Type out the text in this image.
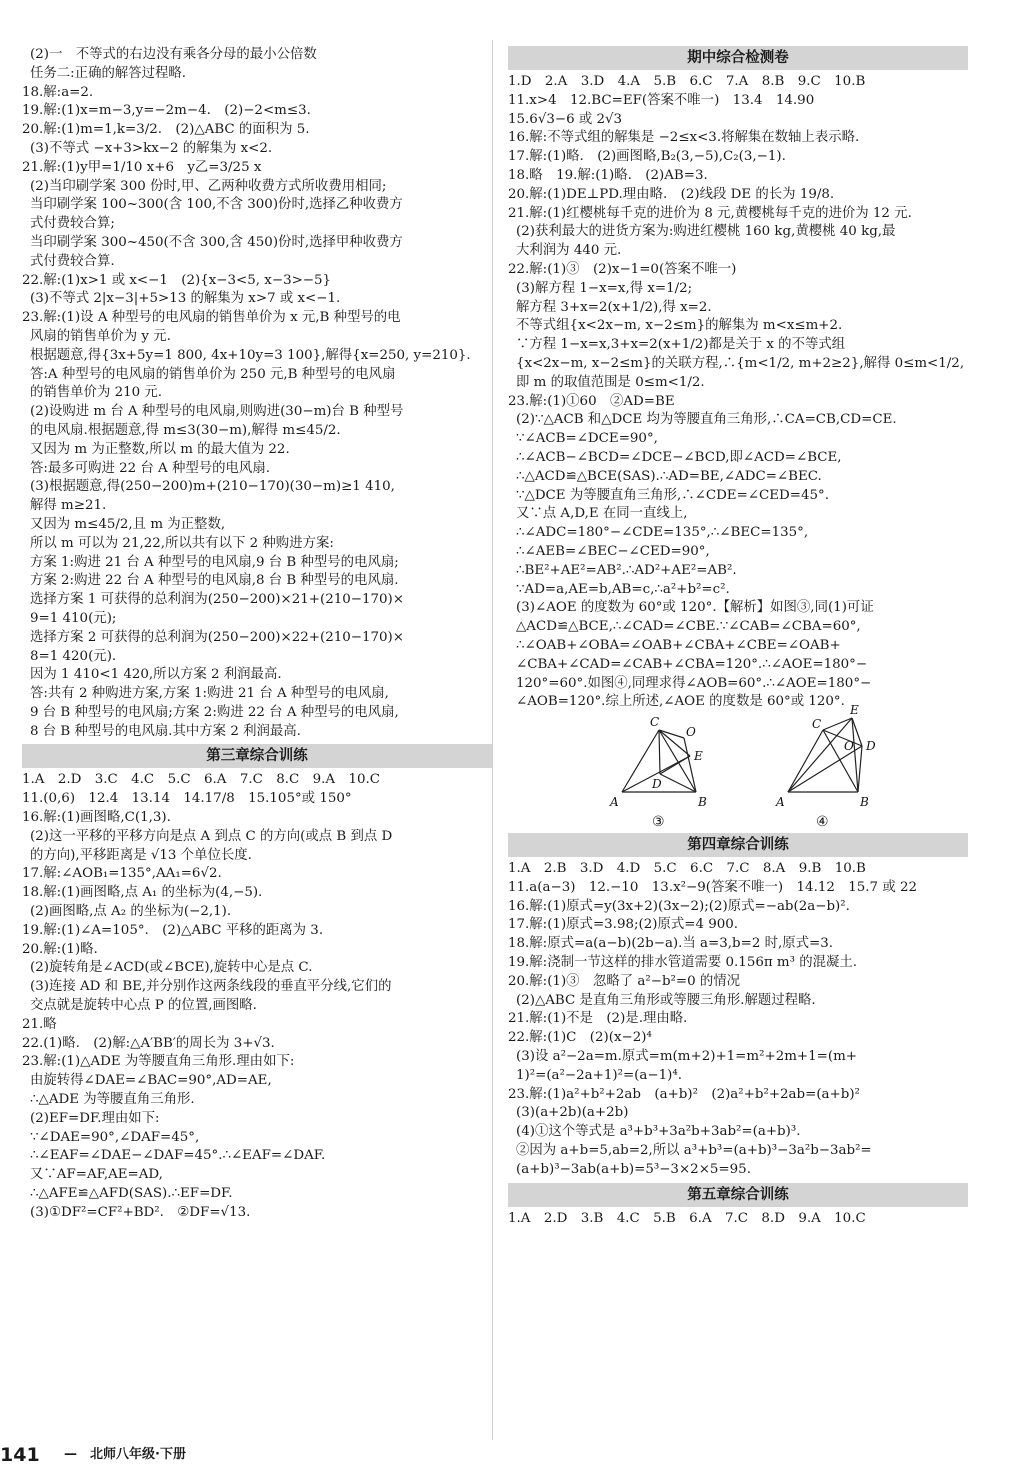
(2)一　不等式的右边没有乘各分母的最小公倍数
任务二:正确的解答过程略.
18.解:a=2.
19.解:(1)x=m−3,y=−2m−4.　(2)−2<m≤3.
20.解:(1)m=1,k=3/2.　(2)△ABC 的面积为 5.
(3)不等式 −x+3>kx−2 的解集为 x<2.
21.解:(1)y甲=1/10 x+6　y乙=3/25 x
(2)当印刷学案 300 份时,甲、乙两种收费方式所收费用相同;
当印刷学案 100~300(含 100,不含 300)份时,选择乙种收费方
式付费较合算;
当印刷学案 300~450(不含 300,含 450)份时,选择甲种收费方
式付费较合算.
22.解:(1)x>1 或 x<−1　(2){x−3<5, x−3>−5}
(3)不等式 2|x−3|+5>13 的解集为 x>7 或 x<−1.
23.解:(1)设 A 种型号的电风扇的销售单价为 x 元,B 种型号的电
风扇的销售单价为 y 元.
根据题意,得{3x+5y=1 800, 4x+10y=3 100},解得{x=250, y=210}.
答:A 种型号的电风扇的销售单价为 250 元,B 种型号的电风扇
的销售单价为 210 元.
(2)设购进 m 台 A 种型号的电风扇,则购进(30−m)台 B 种型号
的电风扇.根据题意,得 m≤3(30−m),解得 m≤45/2.
又因为 m 为正整数,所以 m 的最大值为 22.
答:最多可购进 22 台 A 种型号的电风扇.
(3)根据题意,得(250−200)m+(210−170)(30−m)≥1 410,
解得 m≥21.
又因为 m≤45/2,且 m 为正整数,
所以 m 可以为 21,22,所以共有以下 2 种购进方案:
方案 1:购进 21 台 A 种型号的电风扇,9 台 B 种型号的电风扇;
方案 2:购进 22 台 A 种型号的电风扇,8 台 B 种型号的电风扇.
选择方案 1 可获得的总利润为(250−200)×21+(210−170)×
9=1 410(元);
选择方案 2 可获得的总利润为(250−200)×22+(210−170)×
8=1 420(元).
因为 1 410<1 420,所以方案 2 利润最高.
答:共有 2 种购进方案,方案 1:购进 21 台 A 种型号的电风扇,
9 台 B 种型号的电风扇;方案 2:购进 22 台 A 种型号的电风扇,
8 台 B 种型号的电风扇.其中方案 2 利润最高.
第三章综合训练
1.A　2.D　3.C　4.C　5.C　6.A　7.C　8.C　9.A　10.C
11.(0,6)　12.4　13.14　14.17/8　15.105°或 150°
16.解:(1)画图略,C(1,3).
(2)这一平移的平移方向是点 A 到点 C 的方向(或点 B 到点 D
的方向),平移距离是 √13 个单位长度.
17.解:∠AOB₁=135°,AA₁=6√2.
18.解:(1)画图略,点 A₁ 的坐标为(4,−5).
(2)画图略,点 A₂ 的坐标为(−2,1).
19.解:(1)∠A=105°.　(2)△ABC 平移的距离为 3.
20.解:(1)略.
(2)旋转角是∠ACD(或∠BCE),旋转中心是点 C.
(3)连接 AD 和 BE,并分别作这两条线段的垂直平分线,它们的
交点就是旋转中心点 P 的位置,画图略.
21.略
22.(1)略.　(2)解:△A′BB′的周长为 3+√3.
23.解:(1)△ADE 为等腰直角三角形.理由如下:
由旋转得∠DAE=∠BAC=90°,AD=AE,
∴△ADE 为等腰直角三角形.
(2)EF=DF.理由如下:
∵∠DAE=90°,∠DAF=45°,
∴∠EAF=∠DAE−∠DAF=45°.∴∠EAF=∠DAF.
又∵AF=AF,AE=AD,
∴△AFE≌△AFD(SAS).∴EF=DF.
(3)①DF²=CF²+BD².　②DF=√13.
期中综合检测卷
1.D　2.A　3.D　4.A　5.B　6.C　7.A　8.B　9.C　10.B
11.x>4　12.BC=EF(答案不唯一)　13.4　14.90
15.6√3−6 或 2√3
16.解:不等式组的解集是 −2≤x<3.将解集在数轴上表示略.
17.解:(1)略.　(2)画图略,B₂(3,−5),C₂(3,−1).
18.略　19.解:(1)略.　(2)AB=3.
20.解:(1)DE⊥PD.理由略.　(2)线段 DE 的长为 19/8.
21.解:(1)红樱桃每千克的进价为 8 元,黄樱桃每千克的进价为 12 元.
(2)获利最大的进货方案为:购进红樱桃 160 kg,黄樱桃 40 kg,最
大利润为 440 元.
22.解:(1)③　(2)x−1=0(答案不唯一)
(3)解方程 1−x=x,得 x=1/2;
解方程 3+x=2(x+1/2),得 x=2.
不等式组{x<2x−m, x−2≤m}的解集为 m<x≤m+2.
∵方程 1−x=x,3+x=2(x+1/2)都是关于 x 的不等式组
{x<2x−m, x−2≤m}的关联方程,∴{m<1/2, m+2≥2},解得 0≤m<1/2,
即 m 的取值范围是 0≤m<1/2.
23.解:(1)①60　②AD=BE
(2)∵△ACB 和△DCE 均为等腰直角三角形,∴CA=CB,CD=CE.
∵∠ACB=∠DCE=90°,
∴∠ACB−∠BCD=∠DCE−∠BCD,即∠ACD=∠BCE,
∴△ACD≌△BCE(SAS).∴AD=BE,∠ADC=∠BEC.
∵△DCE 为等腰直角三角形,∴∠CDE=∠CED=45°.
又∵点 A,D,E 在同一直线上,
∴∠ADC=180°−∠CDE=135°,∴∠BEC=135°,
∴∠AEB=∠BEC−∠CED=90°,
∴BE²+AE²=AB².∴AD²+AE²=AB².
∵AD=a,AE=b,AB=c,∴a²+b²=c².
(3)∠AOE 的度数为 60°或 120°.【解析】如图③,同(1)可证
△ACD≌△BCE,∴∠CAD=∠CBE.∵∠CAB=∠CBA=60°,
∴∠OAB+∠OBA=∠OAB+∠CBA+∠CBE=∠OAB+
∠CBA+∠CAD=∠CAB+∠CBA=120°.∴∠AOE=180°−
120°=60°.如图④,同理求得∠AOB=60°.∴∠AOE=180°−
∠AOB=120°.综上所述,∠AOE 的度数是 60°或 120°.
A	B
C
D
E
O
A	B
C
D
E
O
③	④
第四章综合训练
1.A　2.B　3.D　4.D　5.C　6.C　7.C　8.A　9.B　10.B
11.a(a−3)　12.−10　13.x²−9(答案不唯一)　14.12　15.7 或 22
16.解:(1)原式=y(3x+2)(3x−2);(2)原式=−ab(2a−b)².
17.解:(1)原式=3.98;(2)原式=4 900.
18.解:原式=a(a−b)(2b−a).当 a=3,b=2 时,原式=3.
19.解:浇制一节这样的排水管道需要 0.156π m³ 的混凝土.
20.解:(1)③　忽略了 a²−b²=0 的情况
(2)△ABC 是直角三角形或等腰三角形.解题过程略.
21.解:(1)不是　(2)是.理由略.
22.解:(1)C　(2)(x−2)⁴
(3)设 a²−2a=m.原式=m(m+2)+1=m²+2m+1=(m+
1)²=(a²−2a+1)²=(a−1)⁴.
23.解:(1)a²+b²+2ab　(a+b)²　(2)a²+b²+2ab=(a+b)²
(3)(a+2b)(a+2b)
(4)①这个等式是 a³+b³+3a²b+3ab²=(a+b)³.
②因为 a+b=5,ab=2,所以 a³+b³=(a+b)³−3a²b−3ab²=
(a+b)³−3ab(a+b)=5³−3×2×5=95.
第五章综合训练
1.A　2.D　3.B　4.C　5.B　6.A　7.C　8.D　9.A　10.C
141 —　北师八年级·下册
